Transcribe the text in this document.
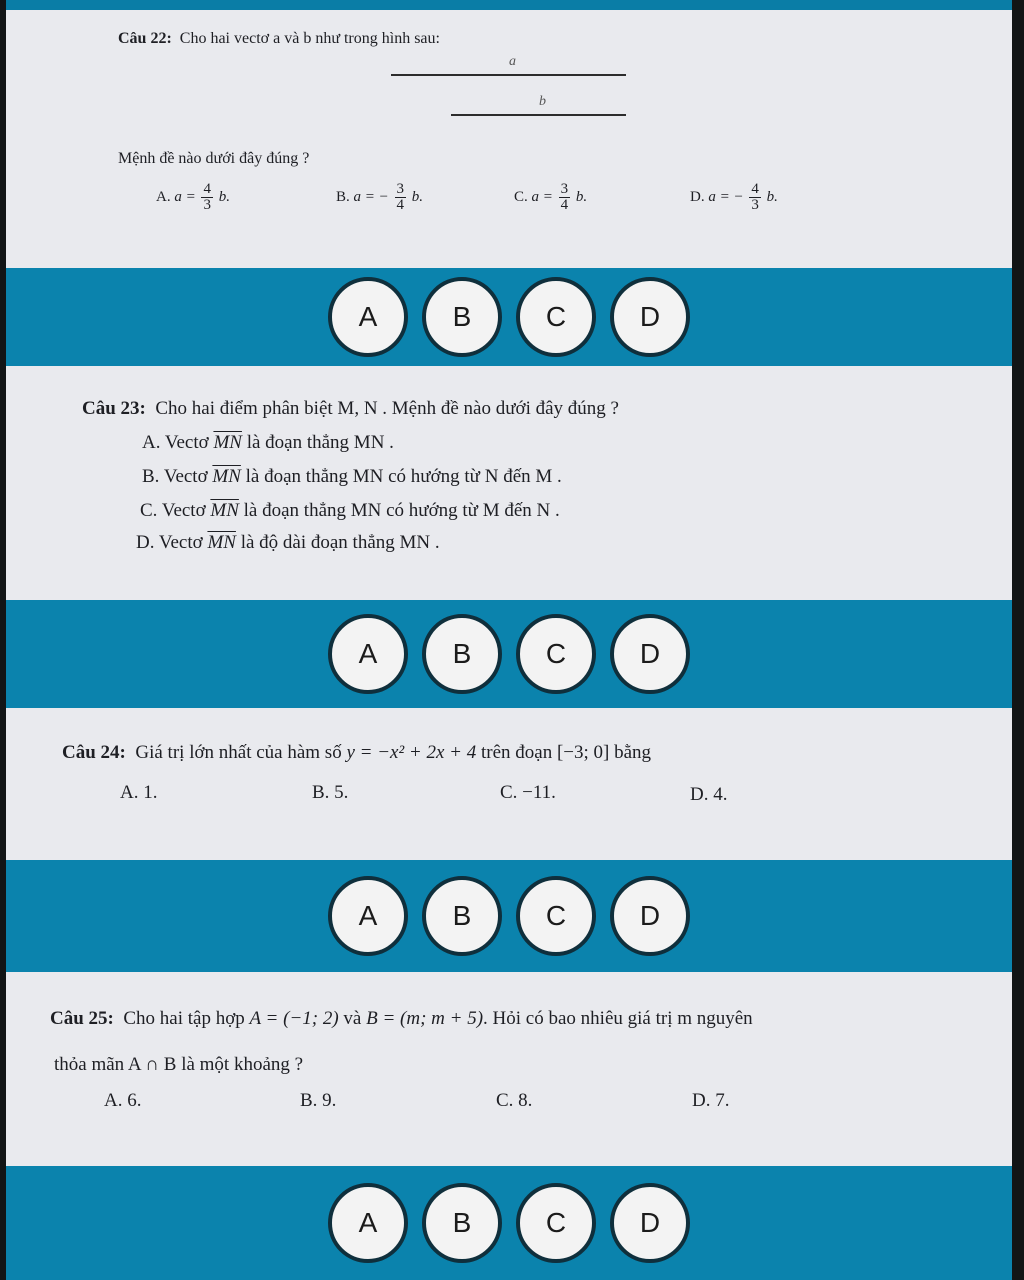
Câu 22: Cho hai vectơ a và b như trong hình sau:
a
b
Mệnh đề nào dưới đây đúng ?
A. $a = \frac{4}{3} b$.	B. a = − $\frac{3}{4} b$.	C. $a = \frac{3}{4} b$.	D. a = − $\frac{4}{3} b$.
A	B	C	D
Câu 23: Cho hai điểm phân biệt M, N . Mệnh đề nào dưới đây đúng ?
A. Vectơ $\overline{MN}$ là đoạn thẳng MN .
B. Vectơ $\overline{MN}$ là đoạn thẳng MN có hướng từ N đến M .
C. Vectơ $\overline{MN}$ là đoạn thẳng MN có hướng từ M đến N .
D. Vectơ $\overline{MN}$ là độ dài đoạn thẳng MN .
A	B	C	D
Câu 24: Giá trị lớn nhất của hàm số y = −x² + 2x + 4 trên đoạn [−3; 0] bằng
A. 1.	B. 5.	C. −11.	D. 4.
A	B	C	D
Câu 25: Cho hai tập hợp A = (−1; 2) và B = (m; m + 5). Hỏi có bao nhiêu giá trị m nguyên
thỏa mãn A ∩ B là một khoảng ?
A. 6.	B. 9.	C. 8.	D. 7.
A	B	C	D
